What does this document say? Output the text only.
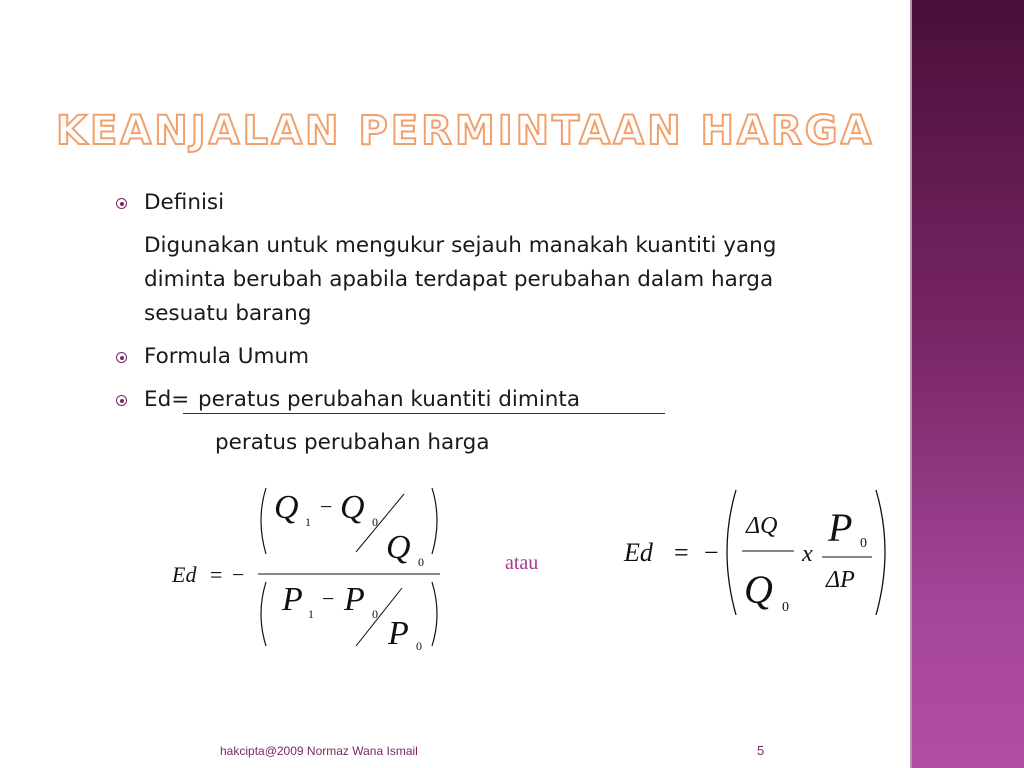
KEANJALAN PERMINTAAN HARGA
Definisi
Digunakan untuk mengukur sejauh manakah kuantiti yang
diminta berubah apabila terdapat perubahan dalam harga
sesuatu barang
Formula Umum
Ed= peratus perubahan kuantiti diminta
peratus perubahan harga
Ed = −
Q 1
− Q 0
Q 0
P 1
− P 0
P 0
atau	Ed = −
ΔQ
Q 0
x
P 0
ΔP
hakcipta@2009 Normaz Wana Ismail	5
